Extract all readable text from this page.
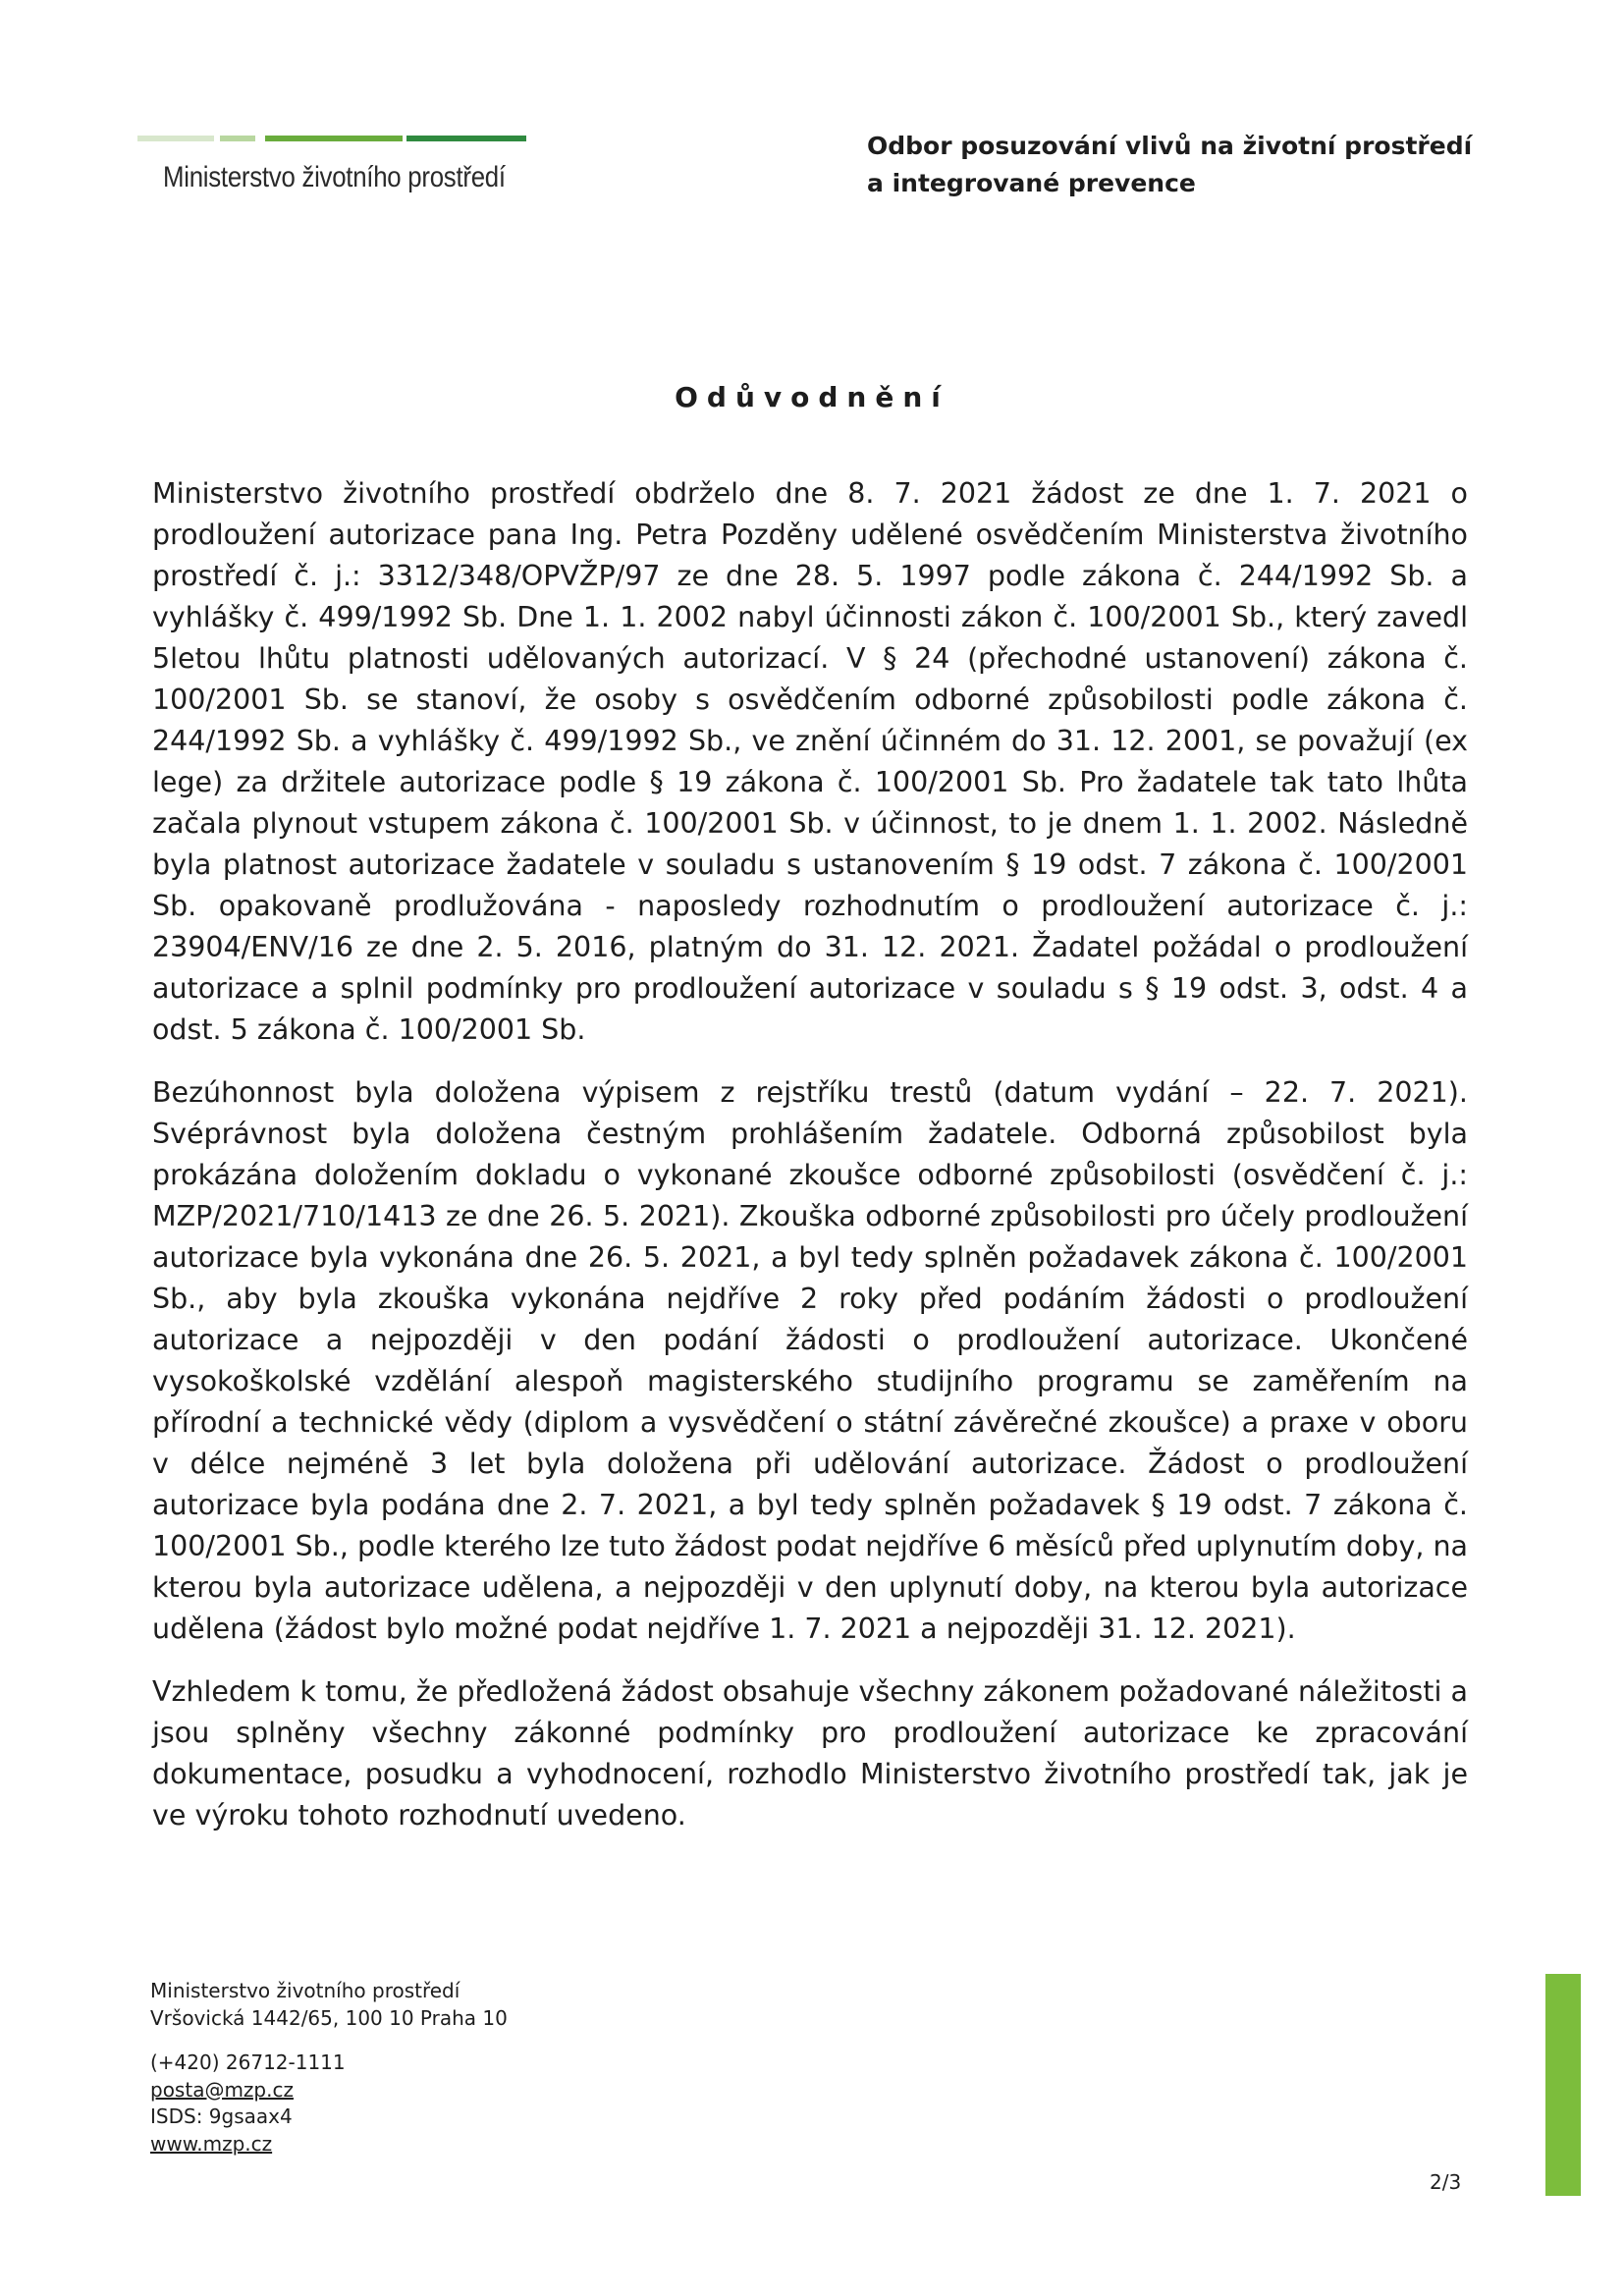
Ministerstvo životního prostředí
Odbor posuzování vlivů na životní prostředí
a integrované prevence
Odůvodnění

Ministerstvo životního prostředí obdrželo dne 8. 7. 2021 žádost ze dne 1. 7. 2021 o prodloužení autorizace pana Ing. Petra Pozděny udělené osvědčením Ministerstva životního prostředí č. j.: 3312/348/OPVŽP/97 ze dne 28. 5. 1997 podle zákona č. 244/1992 Sb. a vyhlášky č. 499/1992 Sb. Dne 1. 1. 2002 nabyl účinnosti zákon č. 100/2001 Sb., který zavedl 5letou lhůtu platnosti udělovaných autorizací. V § 24 (přechodné ustanovení) zákona č. 100/2001 Sb. se stanoví, že osoby s osvědčením odborné způsobilosti podle zákona č. 244/1992 Sb. a vyhlášky č. 499/1992 Sb., ve znění účinném do 31. 12. 2001, se považují (ex lege) za držitele autorizace podle § 19 zákona č. 100/2001 Sb. Pro žadatele tak tato lhůta začala plynout vstupem zákona č. 100/2001 Sb. v účinnost, to je dnem 1. 1. 2002. Následně byla platnost autorizace žadatele v souladu s ustanovením § 19 odst. 7 zákona č. 100/2001 Sb. opakovaně prodlužována - naposledy rozhodnutím o prodloužení autorizace č. j.: 23904/ENV/16 ze dne 2. 5. 2016, platným do 31. 12. 2021. Žadatel požádal o prodloužení autorizace a splnil podmínky pro prodloužení autorizace v souladu s § 19 odst. 3, odst. 4 a odst. 5 zákona č. 100/2001 Sb.

Bezúhonnost byla doložena výpisem z rejstříku trestů (datum vydání – 22. 7. 2021). Svéprávnost byla doložena čestným prohlášením žadatele. Odborná způsobilost byla prokázána doložením dokladu o vykonané zkoušce odborné způsobilosti (osvědčení č. j.: MZP/2021/710/1413 ze dne 26. 5. 2021). Zkouška odborné způsobilosti pro účely prodloužení autorizace byla vykonána dne 26. 5. 2021, a byl tedy splněn požadavek zákona č. 100/2001 Sb., aby byla zkouška vykonána nejdříve 2 roky před podáním žádosti o prodloužení autorizace a nejpozději v den podání žádosti o prodloužení autorizace. Ukončené vysokoškolské vzdělání alespoň magisterského studijního programu se zaměřením na přírodní a technické vědy (diplom a vysvědčení o státní závěrečné zkoušce) a praxe v oboru v délce nejméně 3 let byla doložena při udělování autorizace. Žádost o prodloužení autorizace byla podána dne 2. 7. 2021, a byl tedy splněn požadavek § 19 odst. 7 zákona č. 100/2001 Sb., podle kterého lze tuto žádost podat nejdříve 6 měsíců před uplynutím doby, na kterou byla autorizace udělena, a nejpozději v den uplynutí doby, na kterou byla autorizace udělena (žádost bylo možné podat nejdříve 1. 7. 2021 a nejpozději 31. 12. 2021).

Vzhledem k tomu, že předložená žádost obsahuje všechny zákonem požadované náležitosti a jsou splněny všechny zákonné podmínky pro prodloužení autorizace ke zpracování dokumentace, posudku a vyhodnocení, rozhodlo Ministerstvo životního prostředí tak, jak je ve výroku tohoto rozhodnutí uvedeno.

Ministerstvo životního prostředí
Vršovická 1442/65, 100 10 Praha 10
(+420) 26712-1111
posta@mzp.cz
ISDS: 9gsaax4
www.mzp.cz
2/3
